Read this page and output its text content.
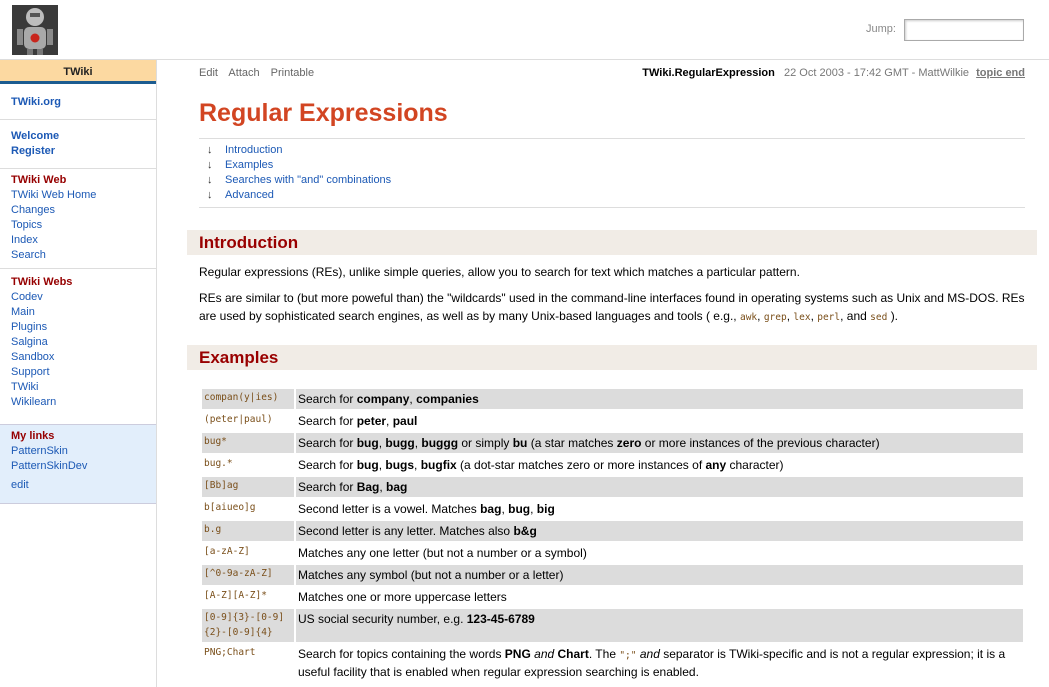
Jump:
TWiki
TWiki.org
Welcome
Register
TWiki Web
TWiki Web Home
Changes
Topics
Index
Search
TWiki Webs
Codev
Main
Plugins
Salgina
Sandbox
Support
TWiki
Wikilearn
My links
PatternSkin
PatternSkinDev
edit
Edit Attach Printable	TWiki.RegularExpression 22 Oct 2003 - 17:42 GMT - MattWilkie topic end
Regular Expressions
↓ Introduction
↓ Examples
↓ Searches with "and" combinations
↓ Advanced
Introduction

Regular expressions (REs), unlike simple queries, allow you to search for text which matches a particular pattern.

REs are similar to (but more poweful than) the "wildcards" used in the command-line interfaces found in operating systems such as Unix and MS-DOS. REs are used by sophisticated search engines, as well as by many Unix-based languages and tools ( e.g., awk, grep, lex, perl, and sed ).

Examples
compan(y|ies)	Search for company, companies
(peter|paul)	Search for peter, paul
bug*	Search for bug, bugg, buggg or simply bu (a star matches zero or more instances of the previous character)
bug.*	Search for bug, bugs, bugfix (a dot-star matches zero or more instances of any character)
[Bb]ag	Search for Bag, bag
b[aiueo]g	Second letter is a vowel. Matches bag, bug, big
b.g	Second letter is any letter. Matches also b&g
[a-zA-Z]	Matches any one letter (but not a number or a symbol)
[^0-9a-zA-Z]	Matches any symbol (but not a number or a letter)
[A-Z][A-Z]*	Matches one or more uppercase letters
[0-9]{3}-[0-9]{2}-[0-9]{4}	US social security number, e.g. 123-45-6789
PNG;Chart	Search for topics containing the words PNG and Chart. The ";" and separator is TWiki-specific and is not a regular expression; it is a useful facility that is enabled when regular expression searching is enabled.
